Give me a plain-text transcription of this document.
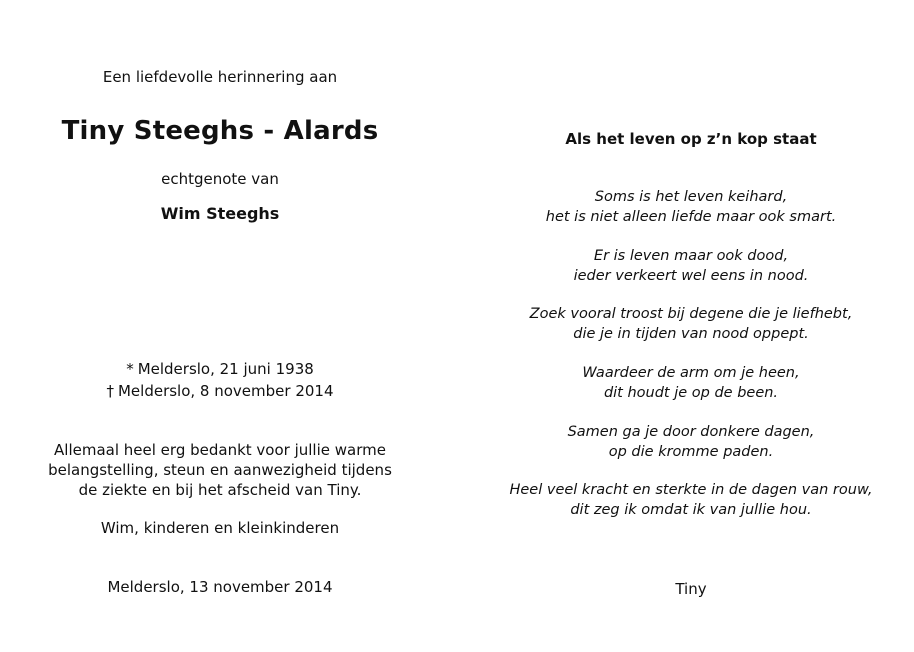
Een liefdevolle herinnering aan
Tiny Steeghs - Alards
echtgenote van
Wim Steeghs
* Melderslo, 21 juni 1938
† Melderslo, 8 november 2014
Allemaal heel erg bedankt voor jullie warme
belangstelling, steun en aanwezigheid tijdens
de ziekte en bij het afscheid van Tiny.
Wim, kinderen en kleinkinderen
Melderslo, 13 november 2014
Als het leven op z’n kop staat
Soms is het leven keihard,
het is niet alleen liefde maar ook smart.
Er is leven maar ook dood,
ieder verkeert wel eens in nood.
Zoek vooral troost bij degene die je liefhebt,
die je in tijden van nood oppept.
Waardeer de arm om je heen,
dit houdt je op de been.
Samen ga je door donkere dagen,
op die kromme paden.
Heel veel kracht en sterkte in de dagen van rouw,
dit zeg ik omdat ik van jullie hou.
Tiny
